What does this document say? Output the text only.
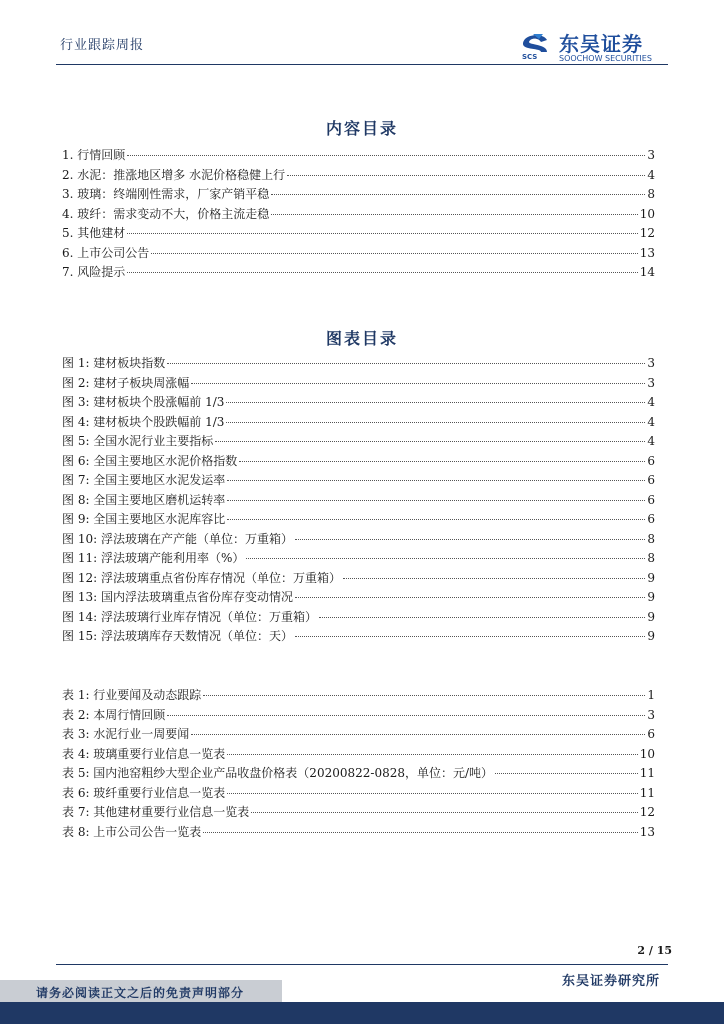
行业跟踪周报
SCS
东吴证券
SOOCHOW SECURITIES
内容目录
1. 行情回顾	3
2. 水泥：推涨地区增多 水泥价格稳健上行	4
3. 玻璃：终端刚性需求，厂家产销平稳	8
4. 玻纤：需求变动不大，价格主流走稳	10
5. 其他建材	12
6. 上市公司公告	13
7. 风险提示	14
图表目录
图 1: 建材板块指数	3
图 2: 建材子板块周涨幅	3
图 3: 建材板块个股涨幅前 1/3	4
图 4: 建材板块个股跌幅前 1/3	4
图 5: 全国水泥行业主要指标	4
图 6: 全国主要地区水泥价格指数	6
图 7: 全国主要地区水泥发运率	6
图 8: 全国主要地区磨机运转率	6
图 9: 全国主要地区水泥库容比	6
图 10: 浮法玻璃在产产能（单位：万重箱）	8
图 11: 浮法玻璃产能利用率（%）	8
图 12: 浮法玻璃重点省份库存情况（单位：万重箱）	9
图 13: 国内浮法玻璃重点省份库存变动情况	9
图 14: 浮法玻璃行业库存情况（单位：万重箱）	9
图 15: 浮法玻璃库存天数情况（单位：天）	9
表 1: 行业要闻及动态跟踪	1
表 2: 本周行情回顾	3
表 3: 水泥行业一周要闻	6
表 4: 玻璃重要行业信息一览表	10
表 5: 国内池窑粗纱大型企业产品收盘价格表（20200822-0828，单位：元/吨）	11
表 6: 玻纤重要行业信息一览表	11
表 7: 其他建材重要行业信息一览表	12
表 8: 上市公司公告一览表	13
2 / 15
东吴证券研究所
请务必阅读正文之后的免责声明部分
